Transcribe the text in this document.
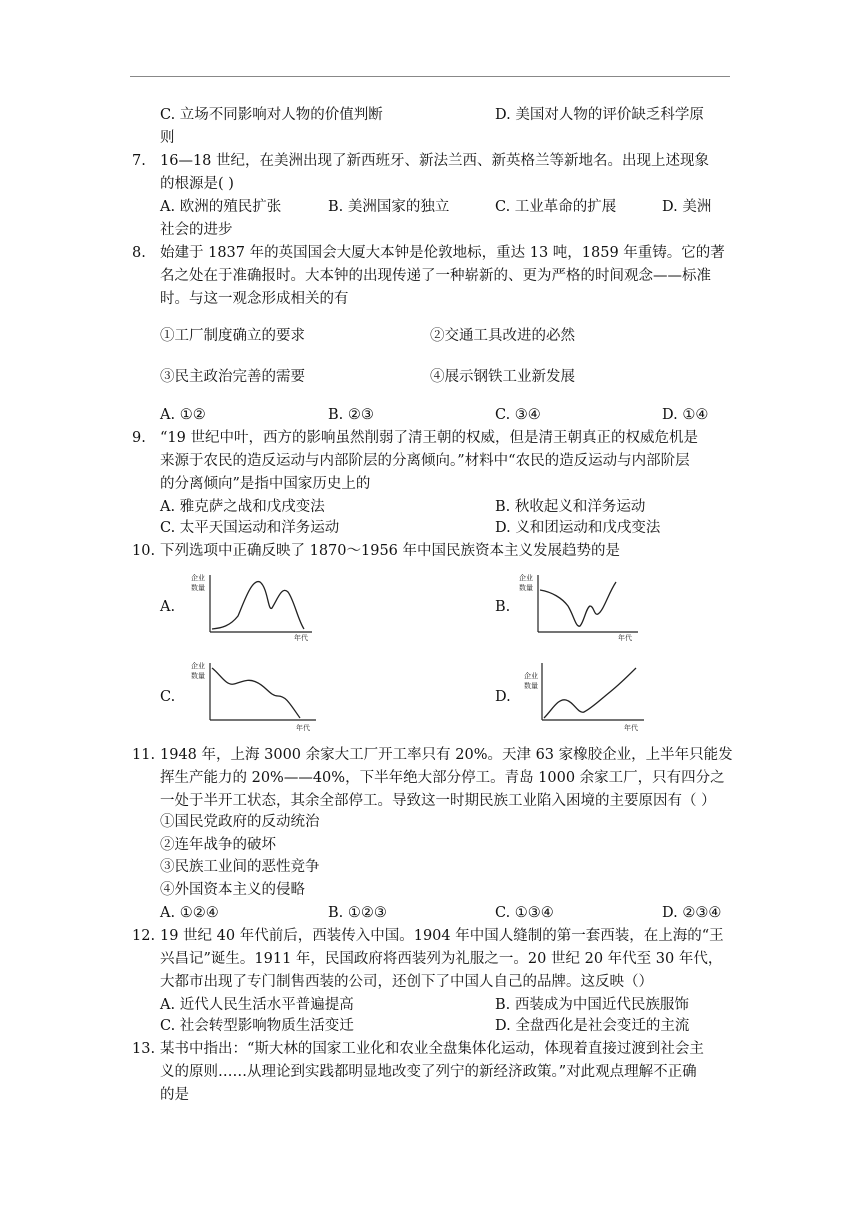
C. 立场不同影响对人物的价值判断	D. 美国对人物的评价缺乏科学原
则
7. 16—18 世纪，在美洲出现了新西班牙、新法兰西、新英格兰等新地名。出现上述现象
的根源是( )
A. 欧洲的殖民扩张	B. 美洲国家的独立	C. 工业革命的扩展	D. 美洲
社会的进步
8. 始建于 1837 年的英国国会大厦大本钟是伦敦地标，重达 13 吨，1859 年重铸。它的著
名之处在于准确报时。大本钟的出现传递了一种崭新的、更为严格的时间观念——标准
时。与这一观念形成相关的有
①工厂制度确立的要求	②交通工具改进的必然
③民主政治完善的需要	④展示钢铁工业新发展
A. ①②	B. ②③	C. ③④	D. ①④
9. “19 世纪中叶，西方的影响虽然削弱了清王朝的权威，但是清王朝真正的权威危机是
来源于农民的造反运动与内部阶层的分离倾向。”材料中“农民的造反运动与内部阶层
的分离倾向”是指中国家历史上的
A. 雅克萨之战和戊戌变法	B. 秋收起义和洋务运动
C. 太平天国运动和洋务运动	D. 义和团运动和戊戌变法
10. 下列选项中正确反映了 1870～1956 年中国民族资本主义发展趋势的是
A.
企业
数量
年代
B.
企业
数量
年代
C.
企业
数量
年代
D.
企业
数量
年代
11. 1948 年，上海 3000 余家大工厂开工率只有 20%。天津 63 家橡胶企业，上半年只能发
挥生产能力的 20%——40%，下半年绝大部分停工。青岛 1000 余家工厂，只有四分之
一处于半开工状态，其余全部停工。导致这一时期民族工业陷入困境的主要原因有（ ）
①国民党政府的反动统治
②连年战争的破坏
③民族工业间的恶性竞争
④外国资本主义的侵略
A. ①②④	B. ①②③	C. ①③④	D. ②③④
12. 19 世纪 40 年代前后，西装传入中国。1904 年中国人缝制的第一套西装，在上海的“王
兴昌记”诞生。1911 年，民国政府将西装列为礼服之一。20 世纪 20 年代至 30 年代，
大都市出现了专门制售西装的公司，还创下了中国人自己的品牌。这反映（）
A. 近代人民生活水平普遍提高	B. 西装成为中国近代民族服饰
C. 社会转型影响物质生活变迁	D. 全盘西化是社会变迁的主流
13. 某书中指出：“斯大林的国家工业化和农业全盘集体化运动，体现着直接过渡到社会主
义的原则……从理论到实践都明显地改变了列宁的新经济政策。”对此观点理解不正确
的是
